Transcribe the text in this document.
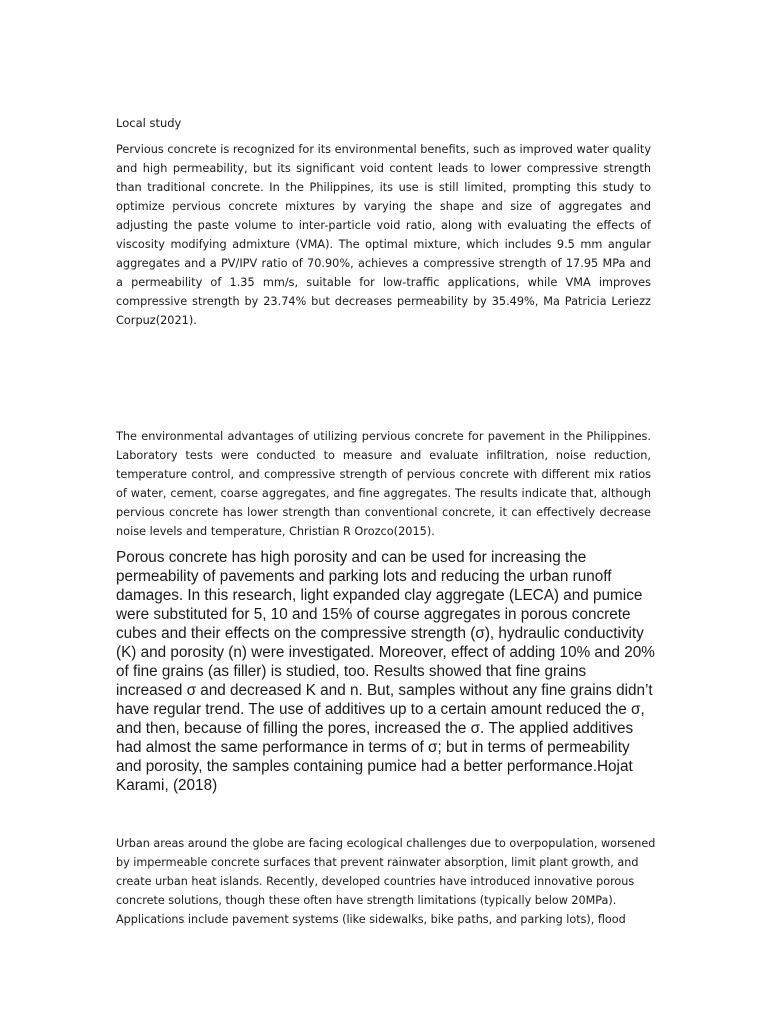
Local study

Pervious concrete is recognized for its environmental benefits, such as improved water quality and high permeability, but its significant void content leads to lower compressive strength than traditional concrete. In the Philippines, its use is still limited, prompting this study to optimize pervious concrete mixtures by varying the shape and size of aggregates and adjusting the paste volume to inter-particle void ratio, along with evaluating the effects of viscosity modifying admixture (VMA). The optimal mixture, which includes 9.5 mm angular aggregates and a PV/IPV ratio of 70.90%, achieves a compressive strength of 17.95 MPa and a permeability of 1.35 mm/s, suitable for low-traffic applications, while VMA improves compressive strength by 23.74% but decreases permeability by 35.49%, Ma Patricia Leriezz Corpuz(2021).

The environmental advantages of utilizing pervious concrete for pavement in the Philippines. Laboratory tests were conducted to measure and evaluate infiltration, noise reduction, temperature control, and compressive strength of pervious concrete with different mix ratios of water, cement, coarse aggregates, and fine aggregates. The results indicate that, although pervious concrete has lower strength than conventional concrete, it can effectively decrease noise levels and temperature, Christian R Orozco(2015).

Porous concrete has high porosity and can be used for increasing the permeability of pavements and parking lots and reducing the urban runoff damages. In this research, light expanded clay aggregate (LECA) and pumice were substituted for 5, 10 and 15% of course aggregates in porous concrete cubes and their effects on the compressive strength (σ), hydraulic conductivity (K) and porosity (n) were investigated. Moreover, effect of adding 10% and 20% of fine grains (as filler) is studied, too. Results showed that fine grains increased σ and decreased K and n. But, samples without any fine grains didn’t have regular trend. The use of additives up to a certain amount reduced the σ, and then, because of filling the pores, increased the σ. The applied additives had almost the same performance in terms of σ; but in terms of permeability and porosity, the samples containing pumice had a better performance.Hojat Karami, (2018)

Urban areas around the globe are facing ecological challenges due to overpopulation, worsened by impermeable concrete surfaces that prevent rainwater absorption, limit plant growth, and create urban heat islands. Recently, developed countries have introduced innovative porous concrete solutions, though these often have strength limitations (typically below 20MPa). Applications include pavement systems (like sidewalks, bike paths, and parking lots), flood
